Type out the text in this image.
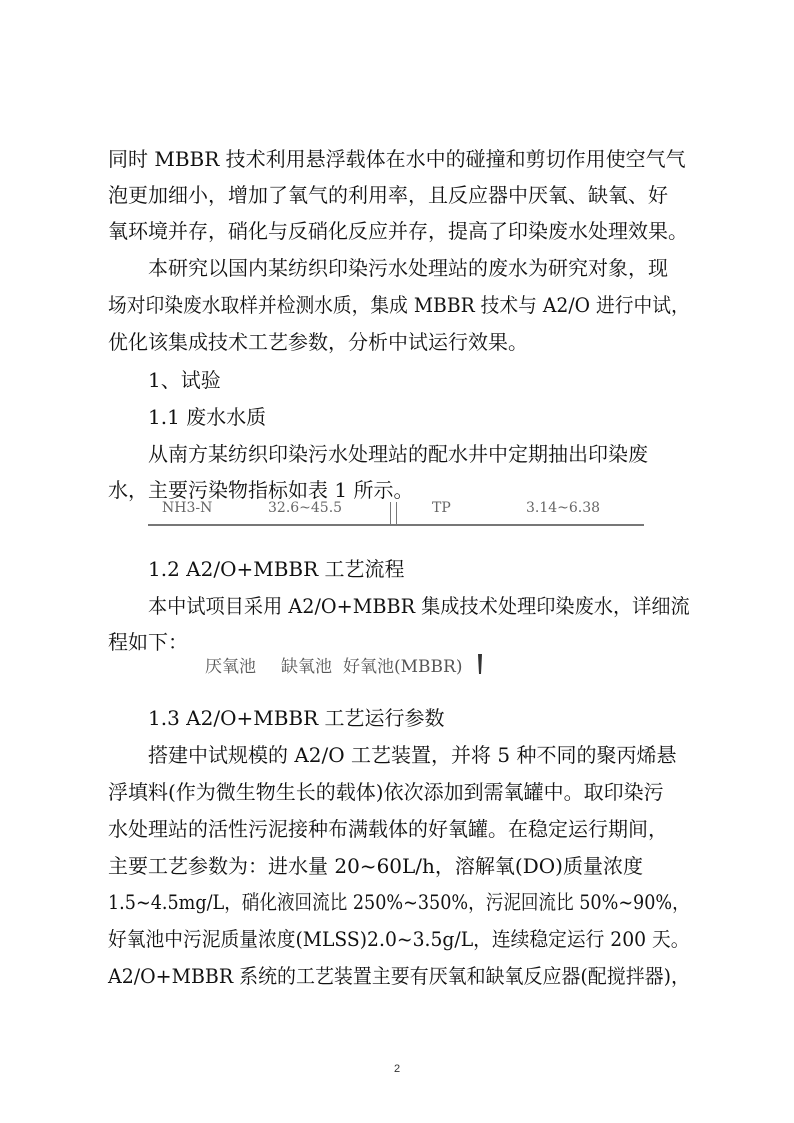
同时 MBBR 技术利用悬浮载体在水中的碰撞和剪切作用使空气气
泡更加细小，增加了氧气的利用率，且反应器中厌氧、缺氧、好
氧环境并存，硝化与反硝化反应并存，提高了印染废水处理效果。
本研究以国内某纺织印染污水处理站的废水为研究对象，现
场对印染废水取样并检测水质，集成 MBBR 技术与 A2/O 进行中试，
优化该集成技术工艺参数，分析中试运行效果。
1、试验
1.1 废水水质
从南方某纺织印染污水处理站的配水井中定期抽出印染废
水，主要污染物指标如表 1 所示。
NH3-N	32.6~45.5	TP	3.14~6.38
1.2 A2/O+MBBR 工艺流程
本中试项目采用 A2/O+MBBR 集成技术处理印染废水，详细流
程如下：
厌氧池 缺氧池 好氧池(MBBR)
1.3 A2/O+MBBR 工艺运行参数
搭建中试规模的 A2/O 工艺装置，并将 5 种不同的聚丙烯悬
浮填料(作为微生物生长的载体)依次添加到需氧罐中。取印染污
水处理站的活性污泥接种布满载体的好氧罐。在稳定运行期间，
主要工艺参数为：进水量 20~60L/h，溶解氧(DO)质量浓度
1.5~4.5mg/L，硝化液回流比 250%~350%，污泥回流比 50%~90%，
好氧池中污泥质量浓度(MLSS)2.0~3.5g/L，连续稳定运行 200 天。
A2/O+MBBR 系统的工艺装置主要有厌氧和缺氧反应器(配搅拌器)，
2
